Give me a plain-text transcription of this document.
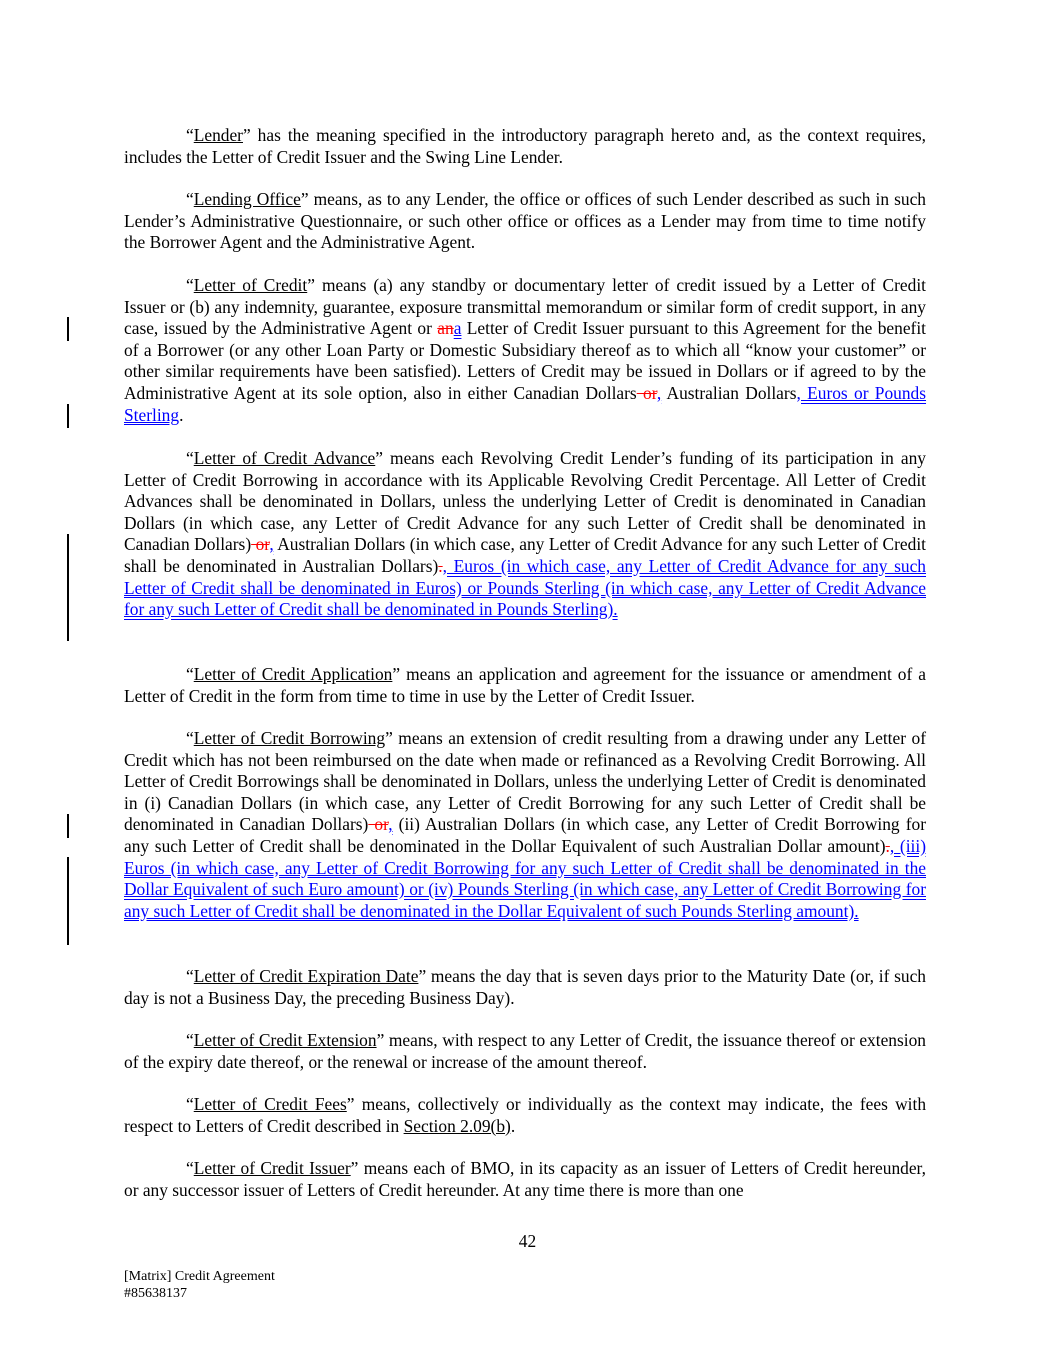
“Lender” has the meaning specified in the introductory paragraph hereto and, as the context requires, includes the Letter of Credit Issuer and the Swing Line Lender.

“Lending Office” means, as to any Lender, the office or offices of such Lender described as such in such Lender’s Administrative Questionnaire, or such other office or offices as a Lender may from time to time notify the Borrower Agent and the Administrative Agent.

“Letter of Credit” means (a) any standby or documentary letter of credit issued by a Letter of Credit Issuer or (b) any indemnity, guarantee, exposure transmittal memorandum or similar form of credit support, in any case, issued by the Administrative Agent or ana Letter of Credit Issuer pursuant to this Agreement for the benefit of a Borrower (or any other Loan Party or Domestic Subsidiary thereof as to which all “know your customer” or other similar requirements have been satisfied). Letters of Credit may be issued in Dollars or if agreed to by the Administrative Agent at its sole option, also in either Canadian Dollars or, Australian Dollars, Euros or Pounds Sterling.

“Letter of Credit Advance” means each Revolving Credit Lender’s funding of its participation in any Letter of Credit Borrowing in accordance with its Applicable Revolving Credit Percentage. All Letter of Credit Advances shall be denominated in Dollars, unless the underlying Letter of Credit is denominated in Canadian Dollars (in which case, any Letter of Credit Advance for any such Letter of Credit shall be denominated in Canadian Dollars) or, Australian Dollars (in which case, any Letter of Credit Advance for any such Letter of Credit shall be denominated in Australian Dollars)., Euros (in which case, any Letter of Credit Advance for any such Letter of Credit shall be denominated in Euros) or Pounds Sterling (in which case, any Letter of Credit Advance for any such Letter of Credit shall be denominated in Pounds Sterling).

“Letter of Credit Application” means an application and agreement for the issuance or amendment of a Letter of Credit in the form from time to time in use by the Letter of Credit Issuer.

“Letter of Credit Borrowing” means an extension of credit resulting from a drawing under any Letter of Credit which has not been reimbursed on the date when made or refinanced as a Revolving Credit Borrowing. All Letter of Credit Borrowings shall be denominated in Dollars, unless the underlying Letter of Credit is denominated in (i) Canadian Dollars (in which case, any Letter of Credit Borrowing for any such Letter of Credit shall be denominated in Canadian Dollars) or, (ii) Australian Dollars (in which case, any Letter of Credit Borrowing for any such Letter of Credit shall be denominated in the Dollar Equivalent of such Australian Dollar amount)., (iii) Euros (in which case, any Letter of Credit Borrowing for any such Letter of Credit shall be denominated in the Dollar Equivalent of such Euro amount) or (iv) Pounds Sterling (in which case, any Letter of Credit Borrowing for any such Letter of Credit shall be denominated in the Dollar Equivalent of such Pounds Sterling amount).

“Letter of Credit Expiration Date” means the day that is seven days prior to the Maturity Date (or, if such day is not a Business Day, the preceding Business Day).

“Letter of Credit Extension” means, with respect to any Letter of Credit, the issuance thereof or extension of the expiry date thereof, or the renewal or increase of the amount thereof.

“Letter of Credit Fees” means, collectively or individually as the context may indicate, the fees with respect to Letters of Credit described in Section 2.09(b).

“Letter of Credit Issuer” means each of BMO, in its capacity as an issuer of Letters of Credit hereunder, or any successor issuer of Letters of Credit hereunder. At any time there is more than one

42
[Matrix] Credit Agreement
#85638137
